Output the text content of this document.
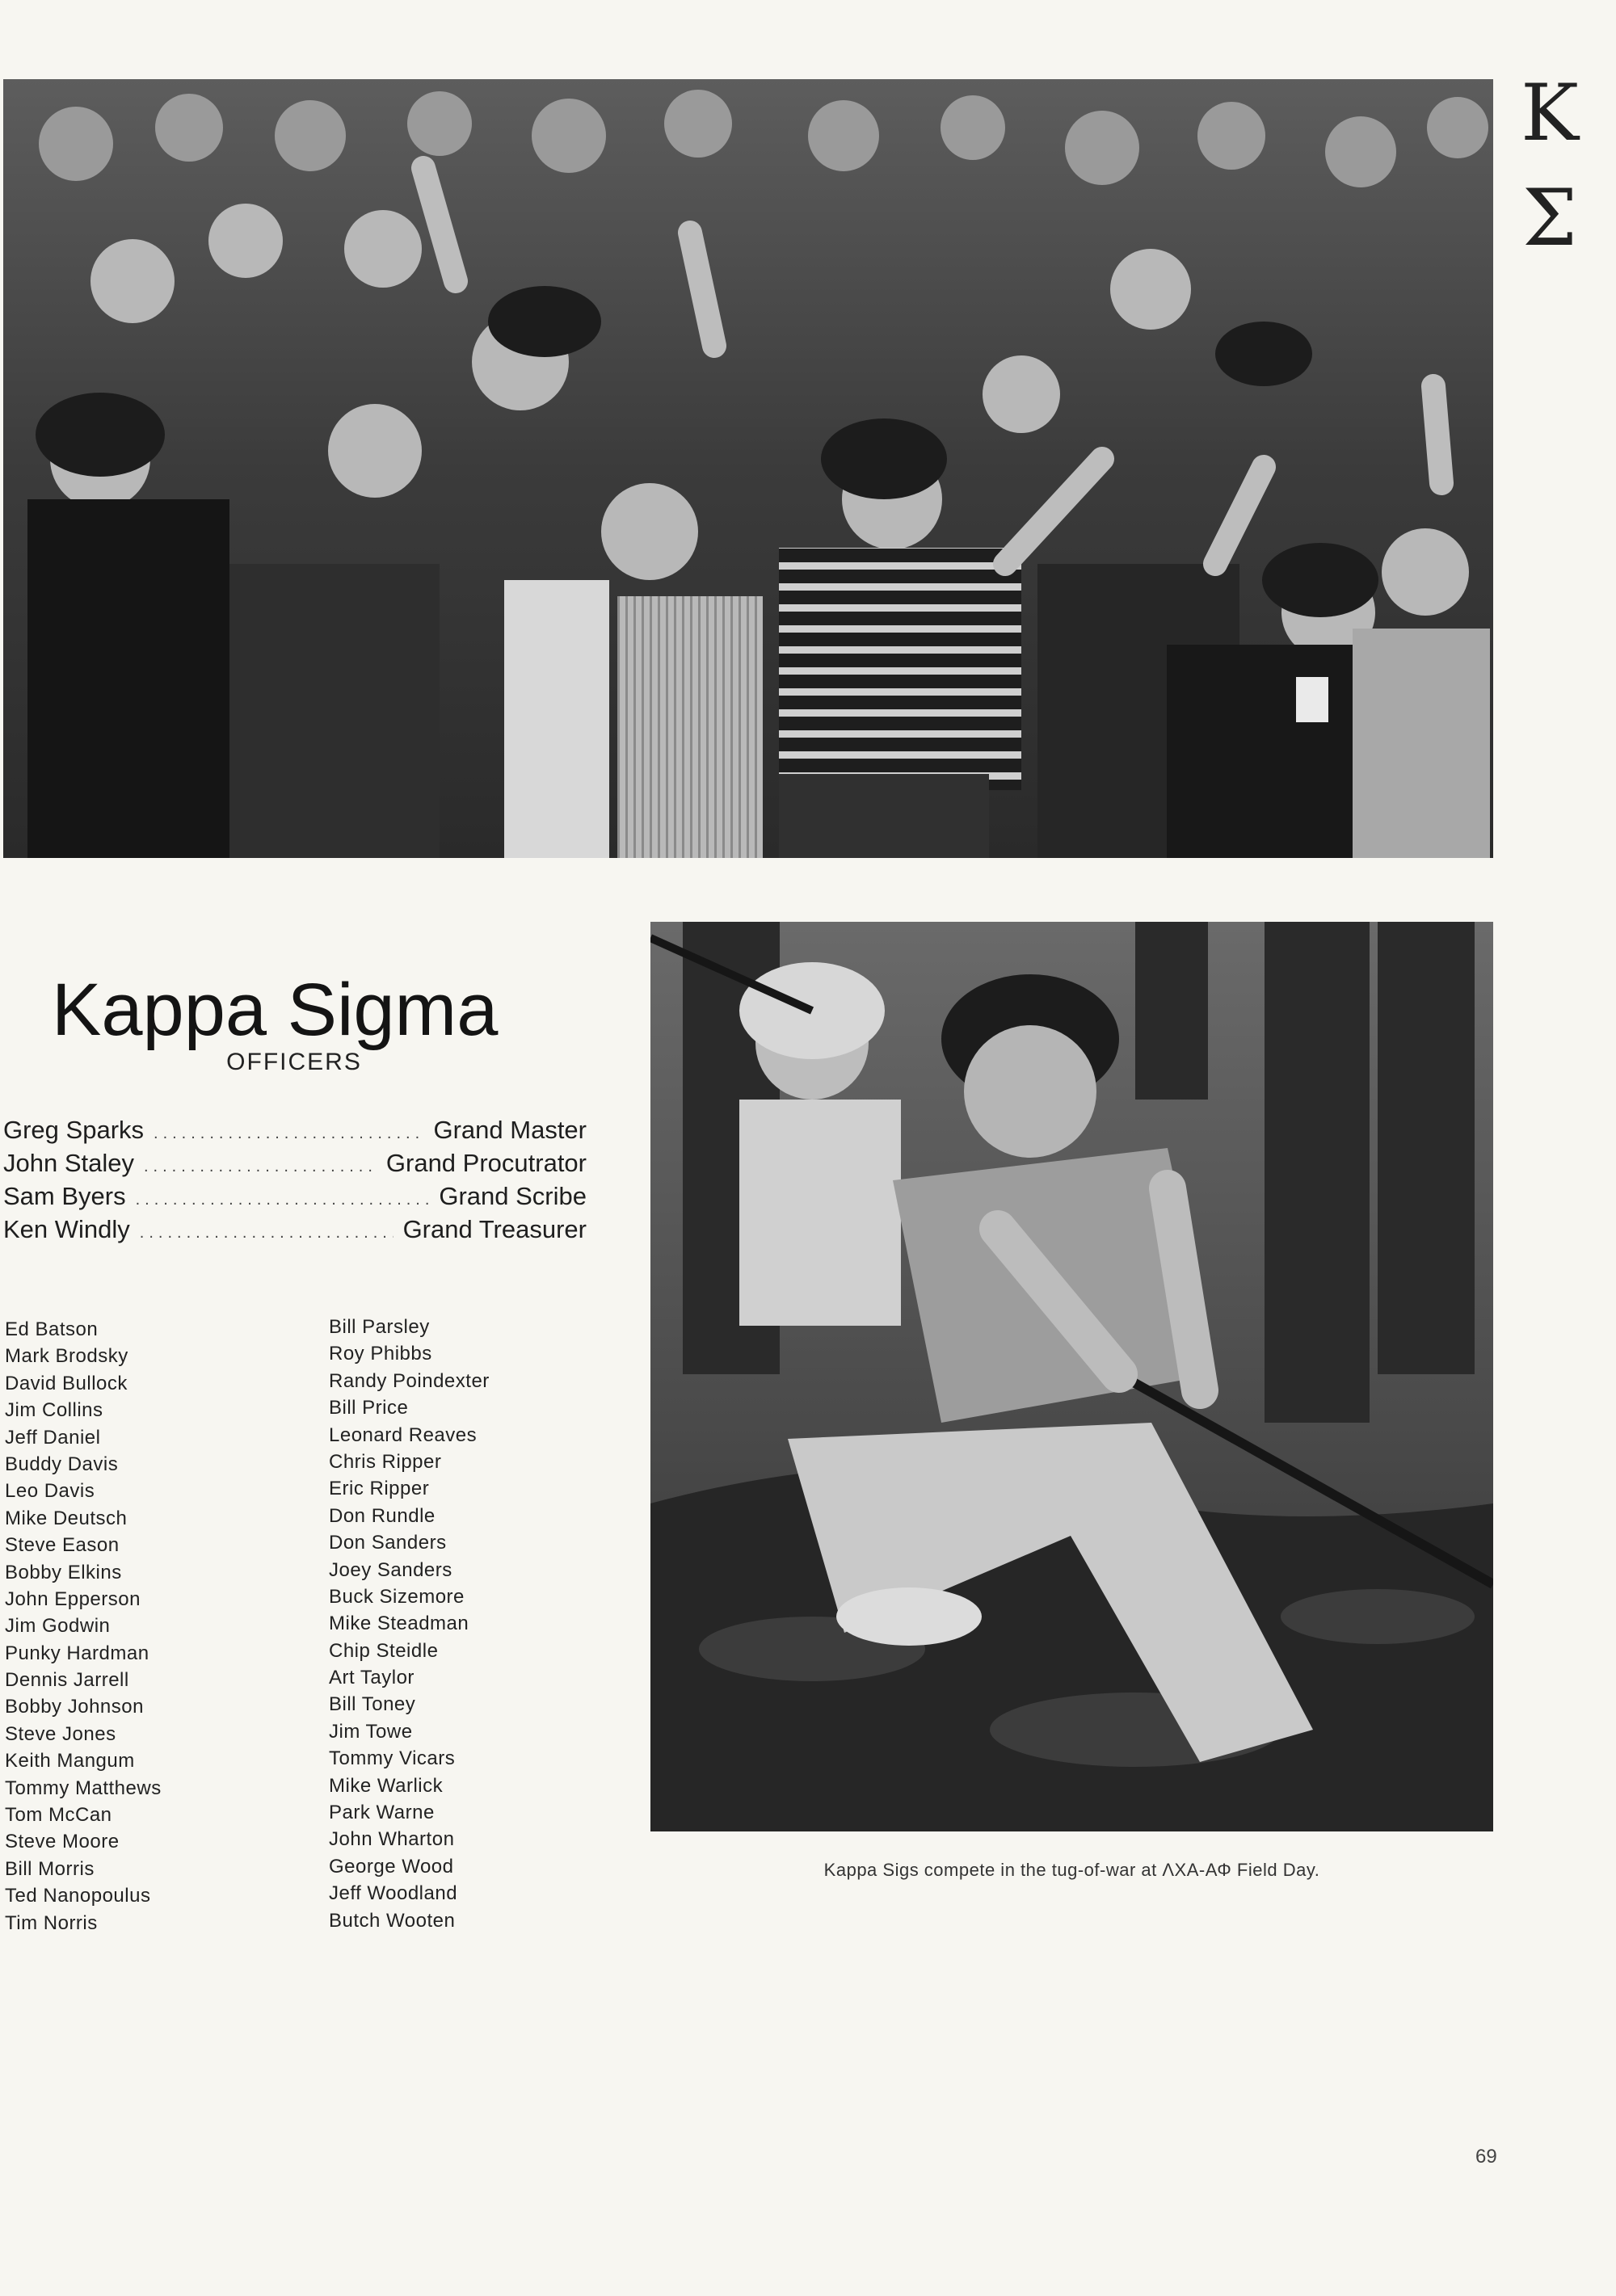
Κ
Σ
Kappa Sigma
OFFICERS
Greg Sparks .....	Grand Master
John Staley .....	Grand Procutrator
Sam Byers .....	Grand Scribe
Ken Windly .....	Grand Treasurer
Ed Batson
Mark Brodsky
David Bullock
Jim Collins
Jeff Daniel
Buddy Davis
Leo Davis
Mike Deutsch
Steve Eason
Bobby Elkins
John Epperson
Jim Godwin
Punky Hardman
Dennis Jarrell
Bobby Johnson
Steve Jones
Keith Mangum
Tommy Matthews
Tom McCan
Steve Moore
Bill Morris
Ted Nanopoulus
Tim Norris
Bill Parsley
Roy Phibbs
Randy Poindexter
Bill Price
Leonard Reaves
Chris Ripper
Eric Ripper
Don Rundle
Don Sanders
Joey Sanders
Buck Sizemore
Mike Steadman
Chip Steidle
Art Taylor
Bill Toney
Jim Towe
Tommy Vicars
Mike Warlick
Park Warne
John Wharton
George Wood
Jeff Woodland
Butch Wooten
Kappa Sigs compete in the tug-of-war at ΛΧΑ-ΑΦ Field Day.
69
